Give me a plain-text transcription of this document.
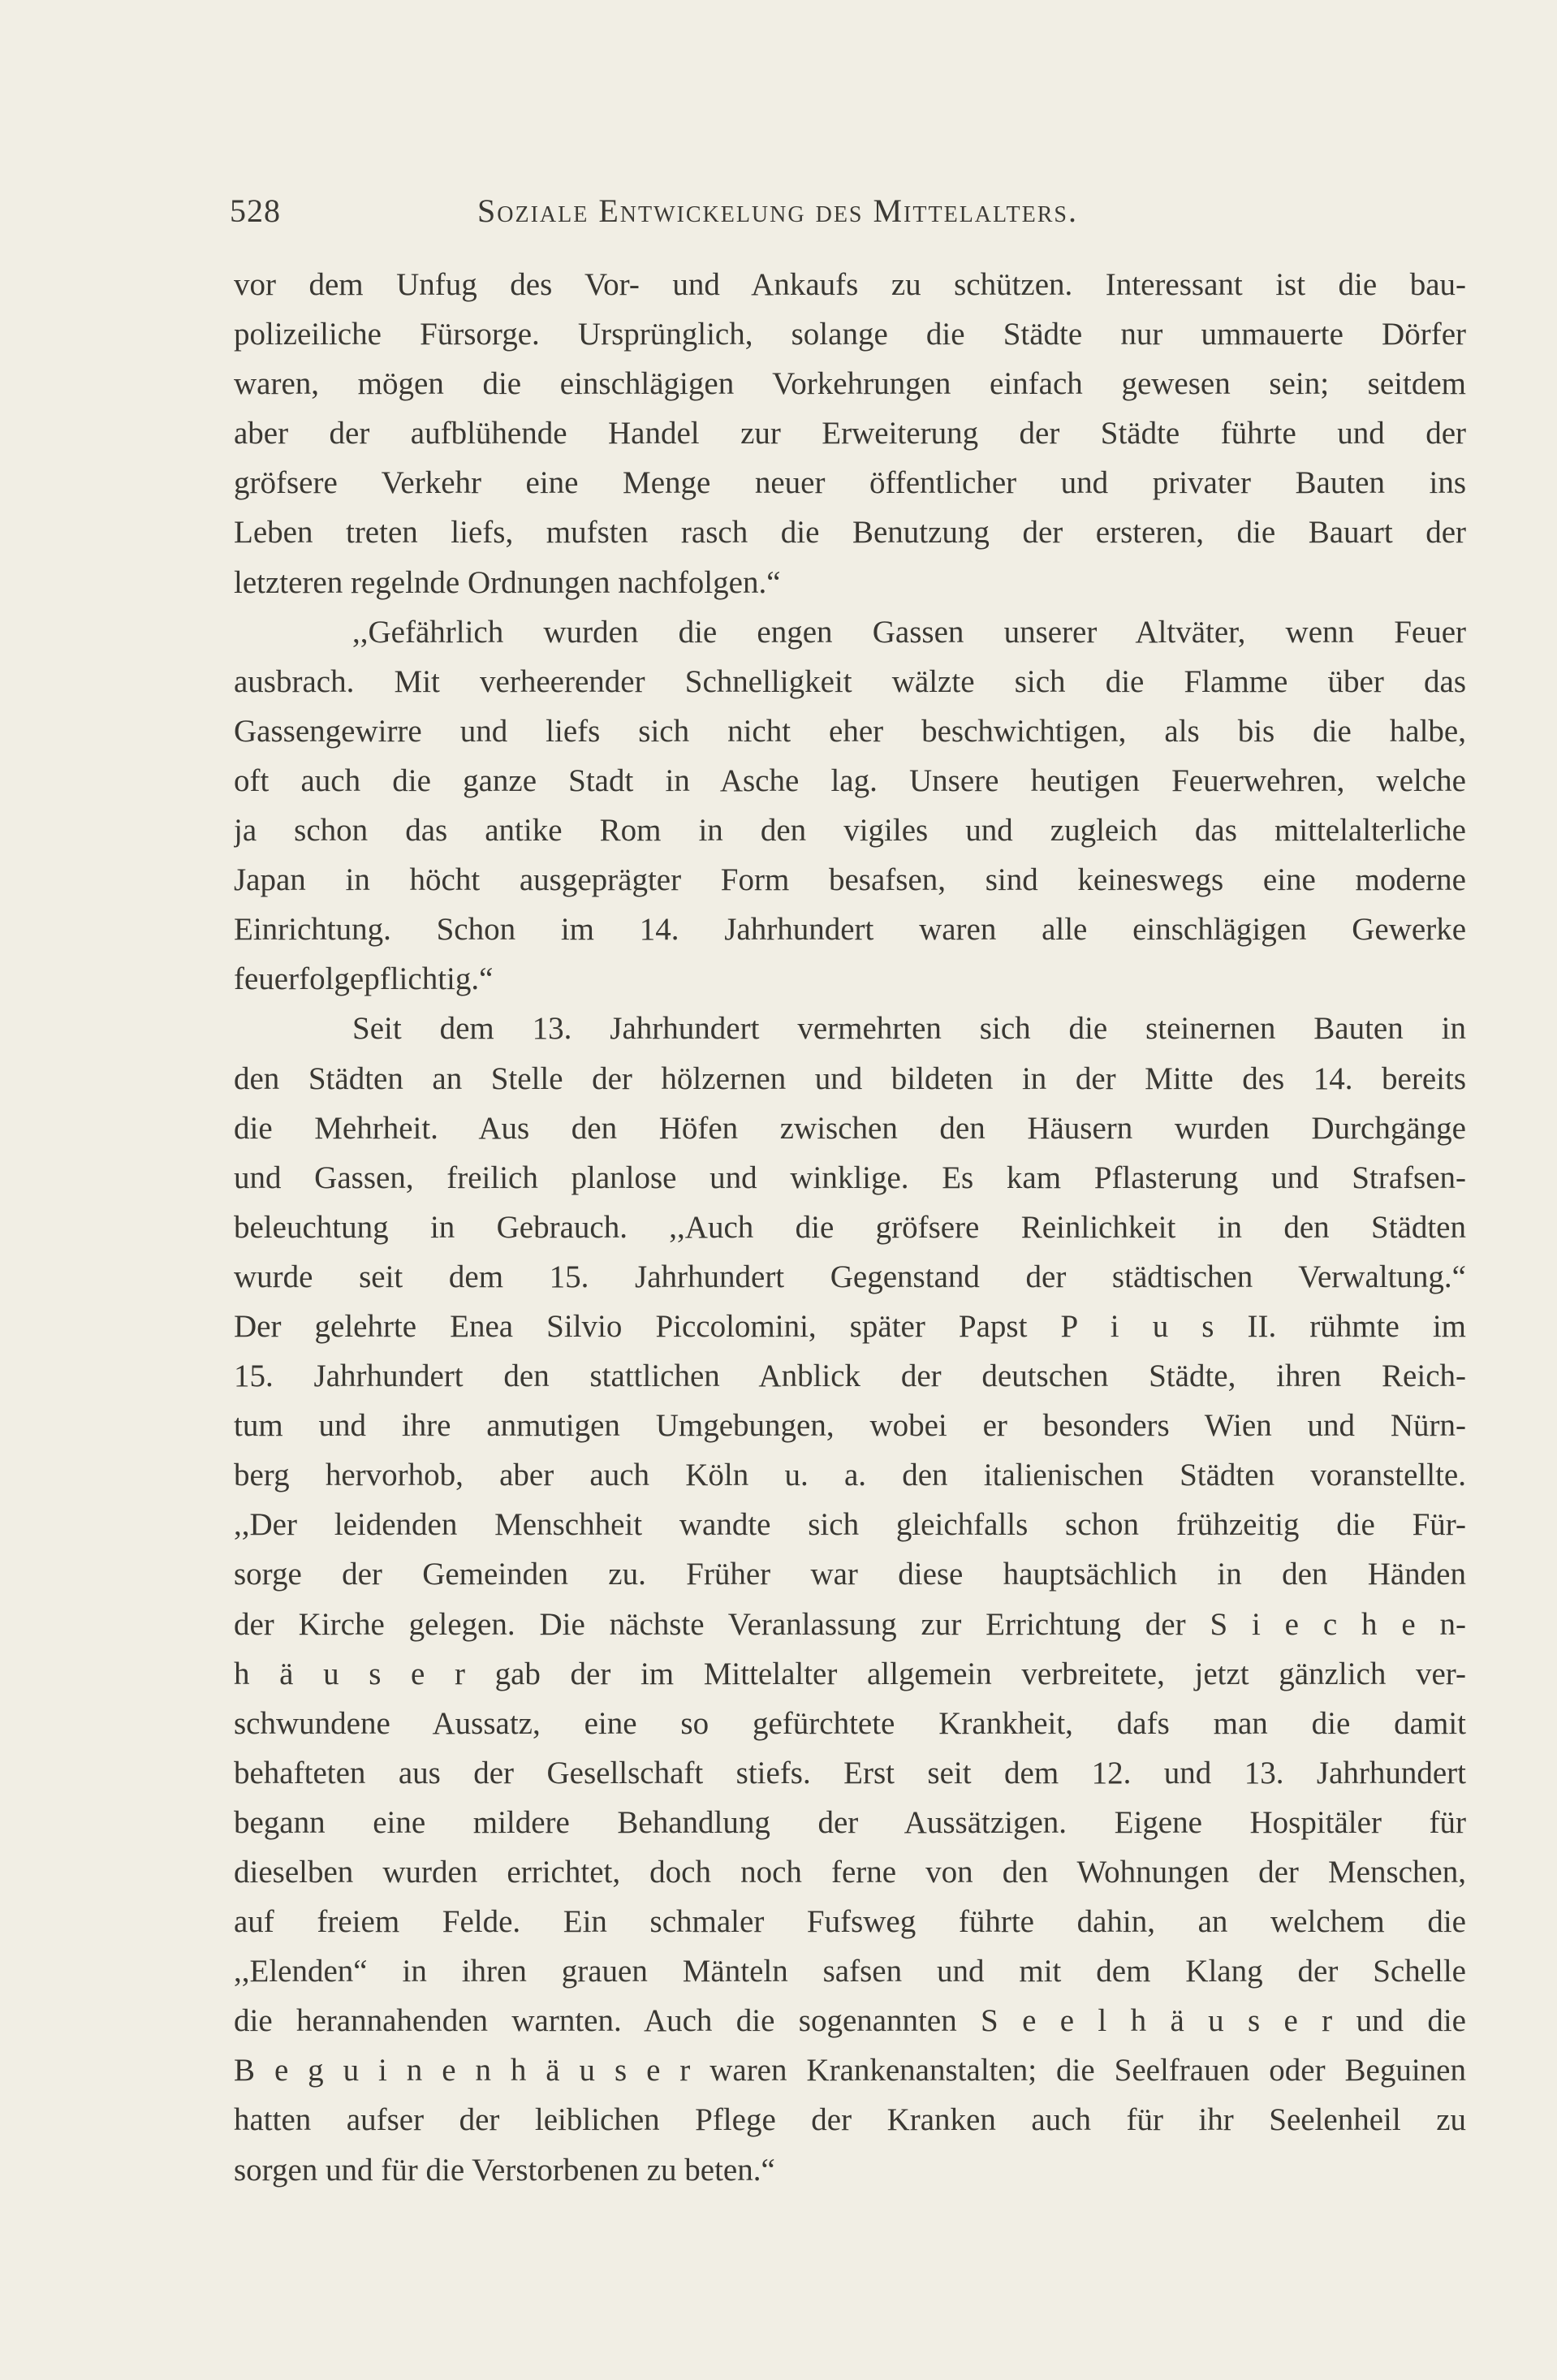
528	Soziale Entwickelung des Mittelalters.
vor dem Unfug des Vor- und Ankaufs zu schützen. Interessant ist die bau-
polizeiliche Fürsorge. Ursprünglich, solange die Städte nur ummauerte Dörfer
waren, mögen die einschlägigen Vorkehrungen einfach gewesen sein; seitdem
aber der aufblühende Handel zur Erweiterung der Städte führte und der
gröfsere Verkehr eine Menge neuer öffentlicher und privater Bauten ins
Leben treten liefs, mufsten rasch die Benutzung der ersteren, die Bauart der
letzteren regelnde Ordnungen nachfolgen.“
,,Gefährlich wurden die engen Gassen unserer Altväter, wenn Feuer
ausbrach. Mit verheerender Schnelligkeit wälzte sich die Flamme über das
Gassengewirre und liefs sich nicht eher beschwichtigen, als bis die halbe,
oft auch die ganze Stadt in Asche lag. Unsere heutigen Feuerwehren, welche
ja schon das antike Rom in den vigiles und zugleich das mittelalterliche
Japan in höcht ausgeprägter Form besafsen, sind keineswegs eine moderne
Einrichtung. Schon im 14. Jahrhundert waren alle einschlägigen Gewerke
feuerfolgepflichtig.“
Seit dem 13. Jahrhundert vermehrten sich die steinernen Bauten in
den Städten an Stelle der hölzernen und bildeten in der Mitte des 14. bereits
die Mehrheit. Aus den Höfen zwischen den Häusern wurden Durchgänge
und Gassen, freilich planlose und winklige. Es kam Pflasterung und Strafsen-
beleuchtung in Gebrauch. ,,Auch die gröfsere Reinlichkeit in den Städten
wurde seit dem 15. Jahrhundert Gegenstand der städtischen Verwaltung.“
Der gelehrte Enea Silvio Piccolomini, später Papst P i u s II. rühmte im
15. Jahrhundert den stattlichen Anblick der deutschen Städte, ihren Reich-
tum und ihre anmutigen Umgebungen, wobei er besonders Wien und Nürn-
berg hervorhob, aber auch Köln u. a. den italienischen Städten voranstellte.
,,Der leidenden Menschheit wandte sich gleichfalls schon frühzeitig die Für-
sorge der Gemeinden zu. Früher war diese hauptsächlich in den Händen
der Kirche gelegen. Die nächste Veranlassung zur Errichtung der S i e c h e n-
h ä u s e r gab der im Mittelalter allgemein verbreitete, jetzt gänzlich ver-
schwundene Aussatz, eine so gefürchtete Krankheit, dafs man die damit
behafteten aus der Gesellschaft stiefs. Erst seit dem 12. und 13. Jahrhundert
begann eine mildere Behandlung der Aussätzigen. Eigene Hospitäler für
dieselben wurden errichtet, doch noch ferne von den Wohnungen der Menschen,
auf freiem Felde. Ein schmaler Fufsweg führte dahin, an welchem die
,,Elenden“ in ihren grauen Mänteln safsen und mit dem Klang der Schelle
die herannahenden warnten. Auch die sogenannten S e e l h ä u s e r und die
B e g u i n e n h ä u s e r waren Krankenanstalten; die Seelfrauen oder Beguinen
hatten aufser der leiblichen Pflege der Kranken auch für ihr Seelenheil zu
sorgen und für die Verstorbenen zu beten.“
